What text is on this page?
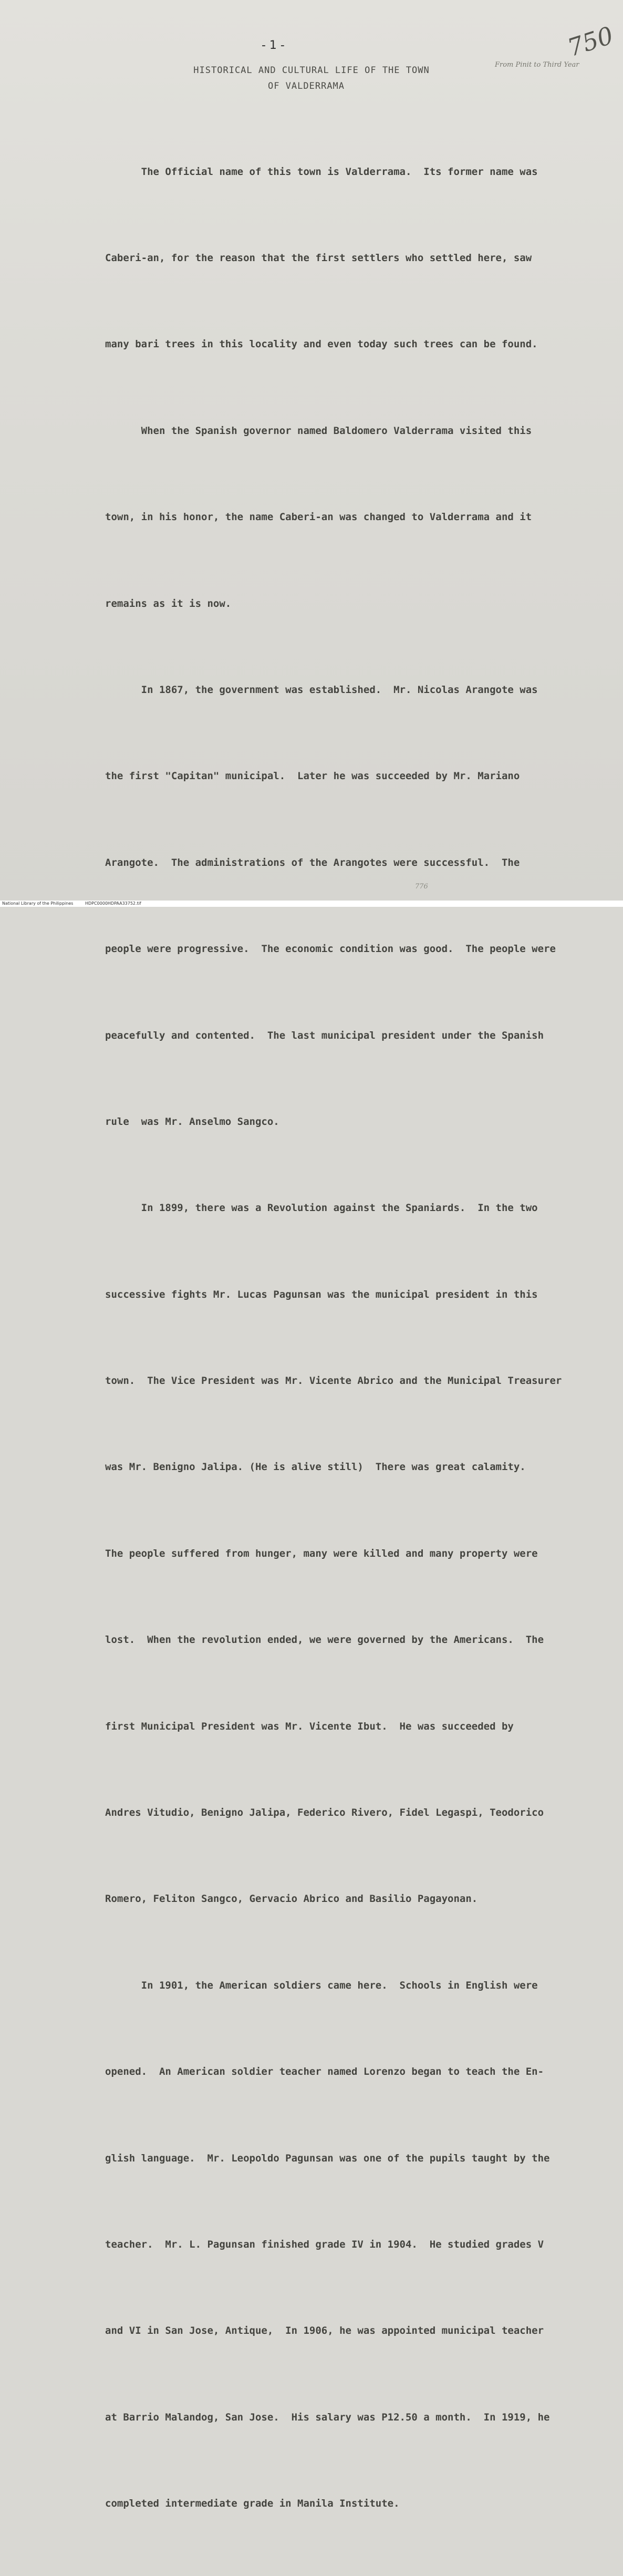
- 1 -	750
From Pinit to Third Year
HISTORICAL AND CULTURAL LIFE OF THE TOWN
OF VALDERRAMA

The Official name of this town is Valderrama.  Its former name was

Caberi-an, for the reason that the first settlers who settled here, saw

many bari trees in this locality and even today such trees can be found.

When the Spanish governor named Baldomero Valderrama visited this

town, in his honor, the name Caberi-an was changed to Valderrama and it

remains as it is now.

In 1867, the government was established.  Mr. Nicolas Arangote was

the first "Capitan" municipal.  Later he was succeeded by Mr. Mariano

Arangote.  The administrations of the Arangotes were successful.  The

people were progressive.  The economic condition was good.  The people were

peacefully and contented.  The last municipal president under the Spanish

rule  was Mr. Anselmo Sangco.

In 1899, there was a Revolution against the Spaniards.  In the two

successive fights Mr. Lucas Pagunsan was the municipal president in this

town.  The Vice President was Mr. Vicente Abrico and the Municipal Treasurer

was Mr. Benigno Jalipa. (He is alive still)  There was great calamity.

The people suffered from hunger, many were killed and many property were

lost.  When the revolution ended, we were governed by the Americans.  The

first Municipal President was Mr. Vicente Ibut.  He was succeeded by

Andres Vitudio, Benigno Jalipa, Federico Rivero, Fidel Legaspi, Teodorico

Romero, Feliton Sangco, Gervacio Abrico and Basilio Pagayonan.

In 1901, the American soldiers came here.  Schools in English were

opened.  An American soldier teacher named Lorenzo began to teach the En-

glish language.  Mr. Leopoldo Pagunsan was one of the pupils taught by the

teacher.  Mr. L. Pagunsan finished grade IV in 1904.  He studied grades V

and VI in San Jose, Antique,  In 1906, he was appointed municipal teacher

at Barrio Malandog, San Jose.  His salary was P12.50 a month.  In 1919, he

completed intermediate grade in Manila Institute.

776
National Library of the Philippines	HDPC0000HDPAA33752.tif
